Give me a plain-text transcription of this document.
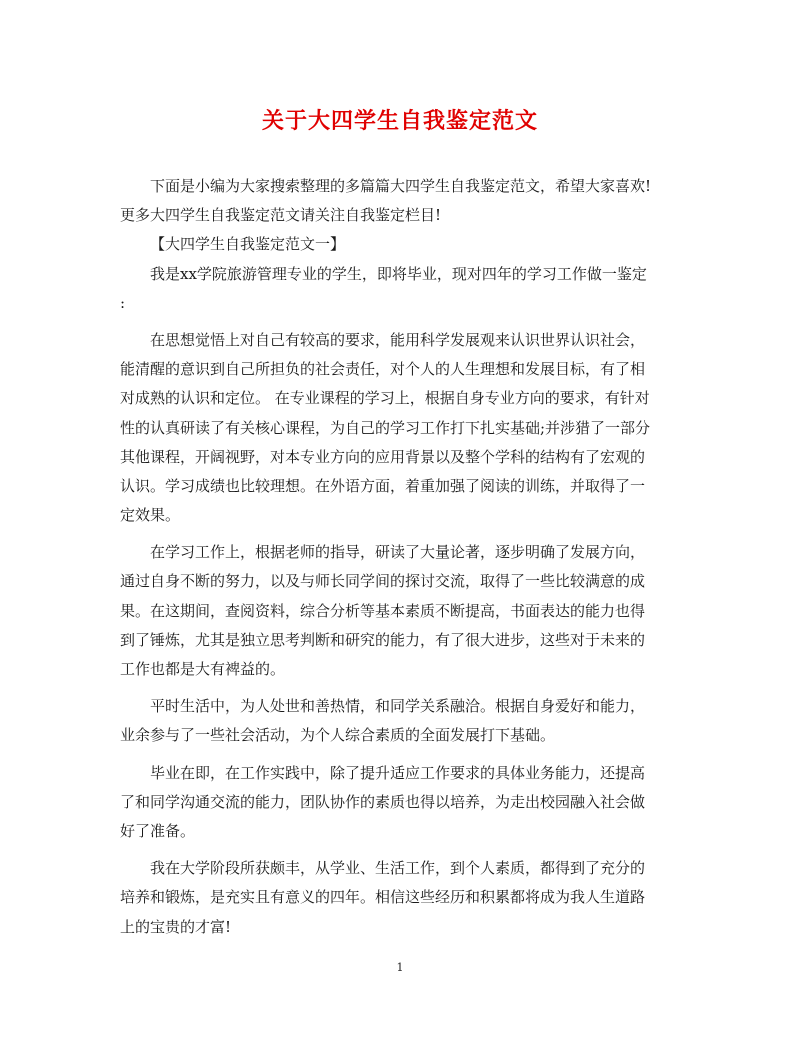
关于大四学生自我鉴定范文
下面是小编为大家搜索整理的多篇篇大四学生自我鉴定范文，希望大家喜欢!
更多大四学生自我鉴定范文请关注自我鉴定栏目!
【大四学生自我鉴定范文一】
我是xx学院旅游管理专业的学生，即将毕业，现对四年的学习工作做一鉴定
:
在思想觉悟上对自己有较高的要求，能用科学发展观来认识世界认识社会，
能清醒的意识到自己所担负的社会责任，对个人的人生理想和发展目标，有了相
对成熟的认识和定位。 在专业课程的学习上，根据自身专业方向的要求，有针对
性的认真研读了有关核心课程，为自己的学习工作打下扎实基础;并涉猎了一部分
其他课程，开阔视野，对本专业方向的应用背景以及整个学科的结构有了宏观的
认识。学习成绩也比较理想。在外语方面，着重加强了阅读的训练，并取得了一
定效果。
在学习工作上，根据老师的指导，研读了大量论著，逐步明确了发展方向，
通过自身不断的努力，以及与师长同学间的探讨交流，取得了一些比较满意的成
果。在这期间，查阅资料，综合分析等基本素质不断提高，书面表达的能力也得
到了锤炼，尤其是独立思考判断和研究的能力，有了很大进步，这些对于未来的
工作也都是大有裨益的。
平时生活中，为人处世和善热情，和同学关系融洽。根据自身爱好和能力，
业余参与了一些社会活动，为个人综合素质的全面发展打下基础。
毕业在即，在工作实践中，除了提升适应工作要求的具体业务能力，还提高
了和同学沟通交流的能力，团队协作的素质也得以培养，为走出校园融入社会做
好了准备。
我在大学阶段所获颇丰，从学业、生活工作，到个人素质，都得到了充分的
培养和锻炼，是充实且有意义的四年。相信这些经历和积累都将成为我人生道路
上的宝贵的才富!
1
